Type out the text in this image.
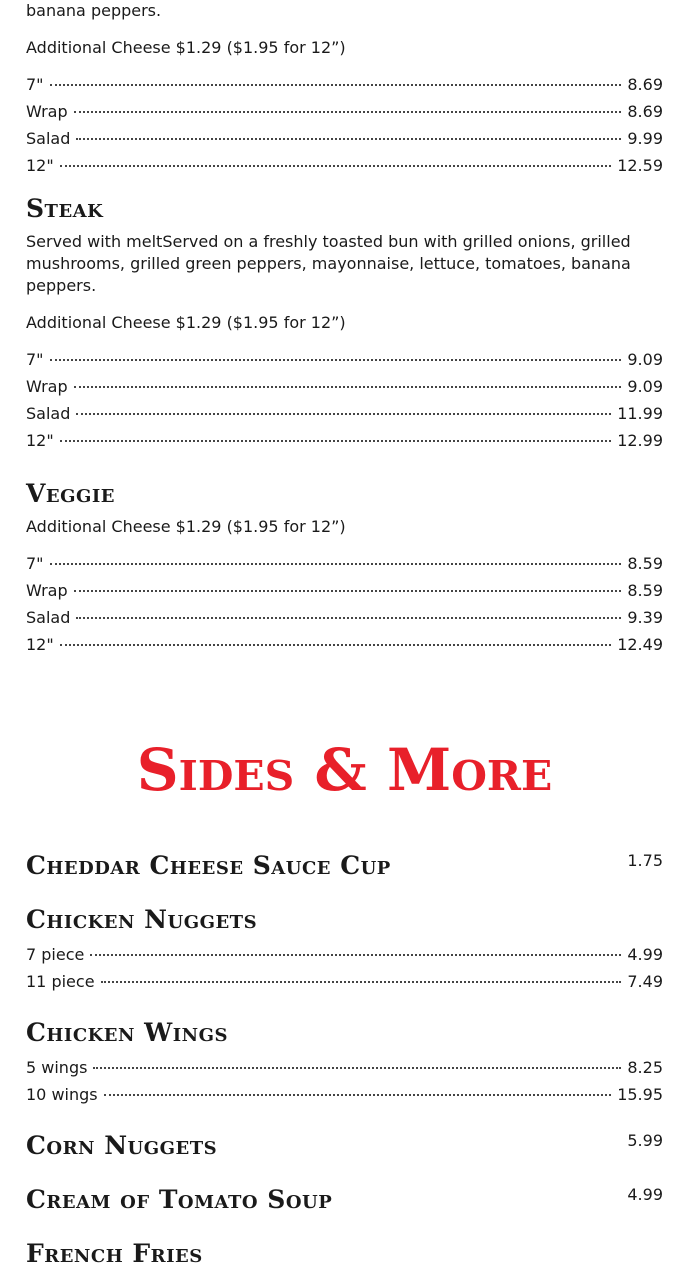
banana peppers.

Additional Cheese $1.29 ($1.95 for 12”)

7"	8.69
Wrap	8.69
Salad	9.99
12"	12.59
Steak

Served with meltServed on a freshly toasted bun with grilled onions, grilled mushrooms, grilled green peppers, mayonnaise, lettuce, tomatoes, banana peppers.

Additional Cheese $1.29 ($1.95 for 12”)

7"	9.09
Wrap	9.09
Salad	11.99
12"	12.99
Veggie

Additional Cheese $1.29 ($1.95 for 12”)

7"	8.59
Wrap	8.59
Salad	9.39
12"	12.49
Sides & More
Cheddar Cheese Sauce Cup	1.75
Chicken Nuggets
7 piece	4.99
11 piece	7.49
Chicken Wings
5 wings	8.25
10 wings	15.95
Corn Nuggets	5.99
Cream of Tomato Soup	4.99
French Fries
